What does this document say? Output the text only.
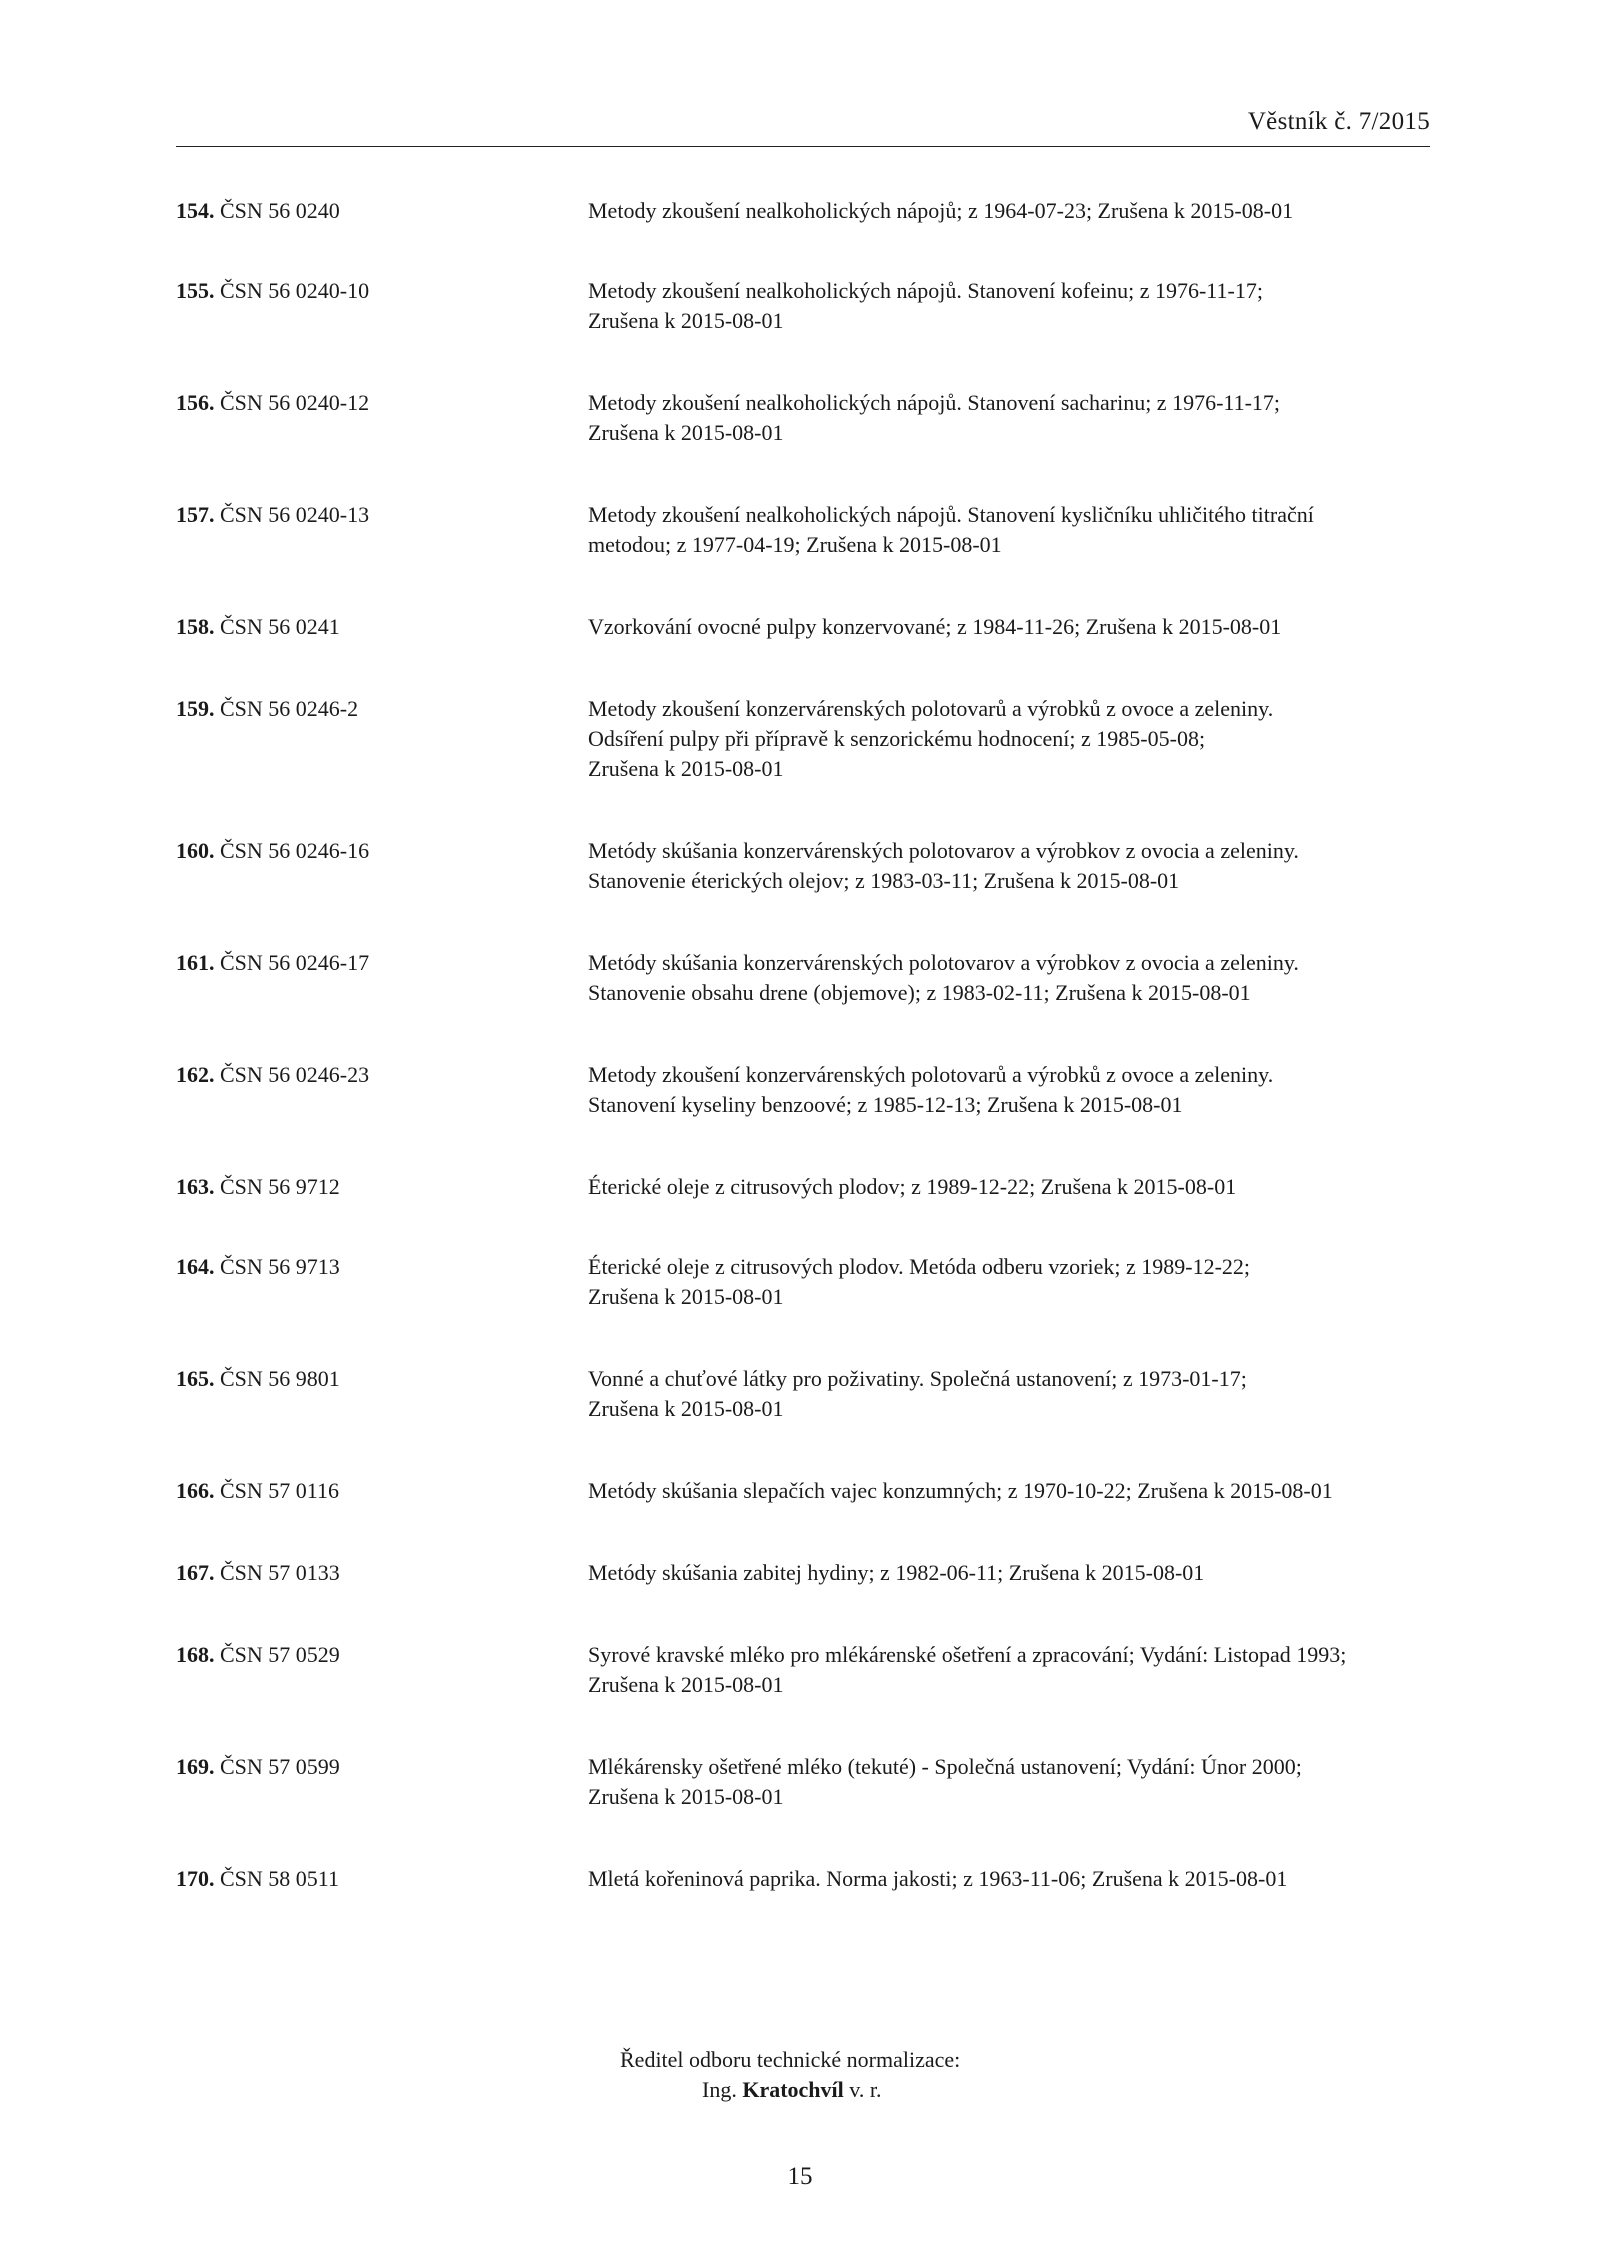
Věstník č. 7/2015
154. ČSN 56 0240	Metody zkoušení nealkoholických nápojů; z 1964-07-23; Zrušena k 2015-08-01
155. ČSN 56 0240-10	Metody zkoušení nealkoholických nápojů. Stanovení kofeinu; z 1976-11-17;
Zrušena k 2015-08-01
156. ČSN 56 0240-12	Metody zkoušení nealkoholických nápojů. Stanovení sacharinu; z 1976-11-17;
Zrušena k 2015-08-01
157. ČSN 56 0240-13	Metody zkoušení nealkoholických nápojů. Stanovení kysličníku uhličitého titrační
metodou; z 1977-04-19; Zrušena k 2015-08-01
158. ČSN 56 0241	Vzorkování ovocné pulpy konzervované; z 1984-11-26; Zrušena k 2015-08-01
159. ČSN 56 0246-2	Metody zkoušení konzervárenských polotovarů a výrobků z ovoce a zeleniny.
Odsíření pulpy při přípravě k senzorickému hodnocení; z 1985-05-08;
Zrušena k 2015-08-01
160. ČSN 56 0246-16	Metódy skúšania konzervárenských polotovarov a výrobkov z ovocia a zeleniny.
Stanovenie éterických olejov; z 1983-03-11; Zrušena k 2015-08-01
161. ČSN 56 0246-17	Metódy skúšania konzervárenských polotovarov a výrobkov z ovocia a zeleniny.
Stanovenie obsahu drene (objemove); z 1983-02-11; Zrušena k 2015-08-01
162. ČSN 56 0246-23	Metody zkoušení konzervárenských polotovarů a výrobků z ovoce a zeleniny.
Stanovení kyseliny benzoové; z 1985-12-13; Zrušena k 2015-08-01
163. ČSN 56 9712	Éterické oleje z citrusových plodov; z 1989-12-22; Zrušena k 2015-08-01
164. ČSN 56 9713	Éterické oleje z citrusových plodov. Metóda odberu vzoriek; z 1989-12-22;
Zrušena k 2015-08-01
165. ČSN 56 9801	Vonné a chuťové látky pro poživatiny. Společná ustanovení; z 1973-01-17;
Zrušena k 2015-08-01
166. ČSN 57 0116	Metódy skúšania slepačích vajec konzumných; z 1970-10-22; Zrušena k 2015-08-01
167. ČSN 57 0133	Metódy skúšania zabitej hydiny; z 1982-06-11; Zrušena k 2015-08-01
168. ČSN 57 0529	Syrové kravské mléko pro mlékárenské ošetření a zpracování; Vydání: Listopad 1993;
Zrušena k 2015-08-01
169. ČSN 57 0599	Mlékárensky ošetřené mléko (tekuté) - Společná ustanovení; Vydání: Únor 2000;
Zrušena k 2015-08-01
170. ČSN 58 0511	Mletá kořeninová paprika. Norma jakosti; z 1963-11-06; Zrušena k 2015-08-01
Ředitel odboru technické normalizace:
Ing. Kratochvíl v. r.
15
